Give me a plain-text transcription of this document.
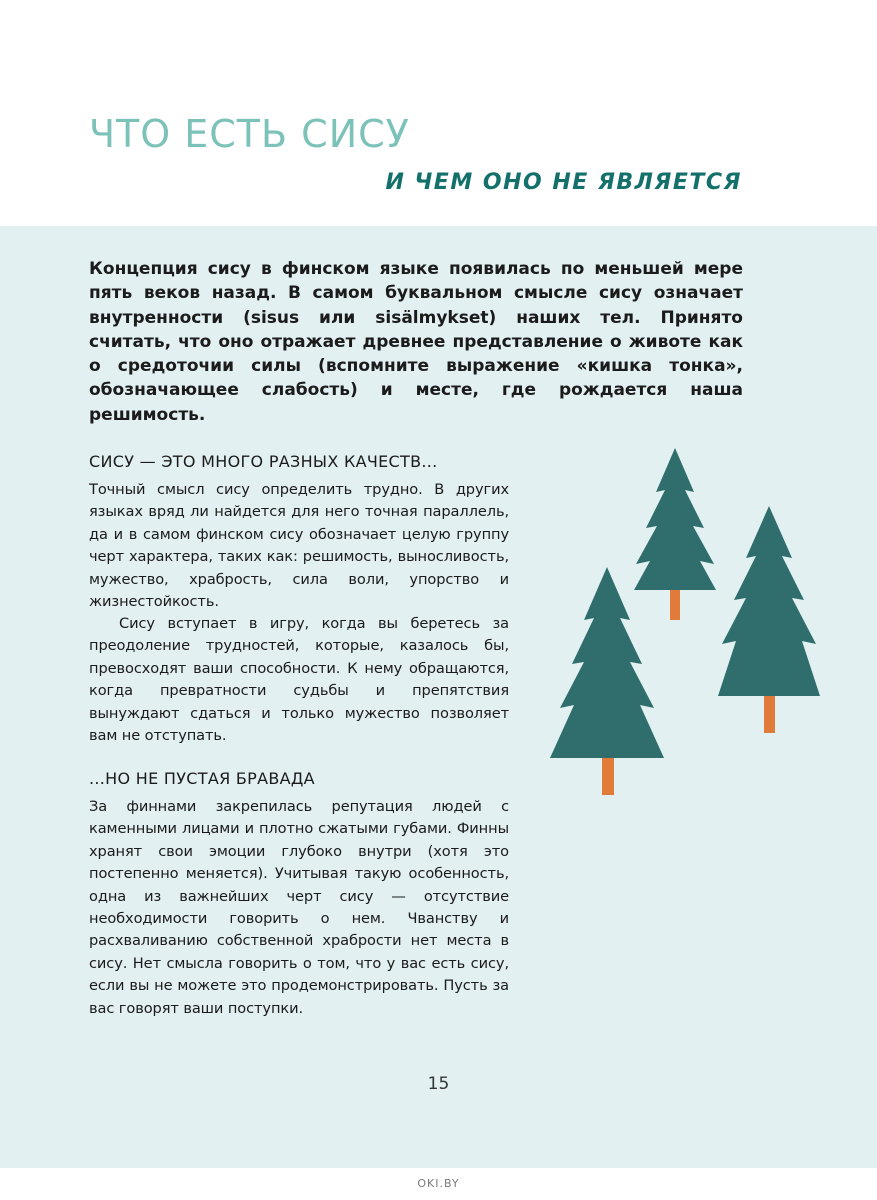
ЧТО ЕСТЬ СИСУ
И ЧЕМ ОНО НЕ ЯВЛЯЕТСЯ

Концепция сису в финском языке появилась по меньшей мере пять веков назад. В самом буквальном смысле сису означает внутренности (sisus или sisälmykset) наших тел. Принято считать, что оно отражает древнее представление о животе как о средоточии силы (вспомните выражение «кишка тонка», обозначающее слабость) и месте, где рождается наша решимость.

СИСУ — ЭТО МНОГО РАЗНЫХ КАЧЕСТВ...

Точный смысл сису определить трудно. В других языках вряд ли найдется для него точная параллель, да и в самом финском сису обозначает целую группу черт характера, таких как: решимость, выносливость, мужество, храбрость, сила воли, упорство и жизнестойкость.

Сису вступает в игру, когда вы беретесь за преодоление трудностей, которые, казалось бы, превосходят ваши способности. К нему обращаются, когда превратности судьбы и препятствия вынуждают сдаться и только мужество позволяет вам не отступать.

...НО НЕ ПУСТАЯ БРАВАДА

За финнами закрепилась репутация людей с каменными лицами и плотно сжатыми губами. Финны хранят свои эмоции глубоко внутри (хотя это постепенно меняется). Учитывая такую особенность, одна из важнейших черт сису — отсутствие необходимости говорить о нем. Чванству и расхваливанию собственной храбрости нет места в сису. Нет смысла говорить о том, что у вас есть сису, если вы не можете это продемонстрировать. Пусть за вас говорят ваши поступки.

15
OKI.BY
